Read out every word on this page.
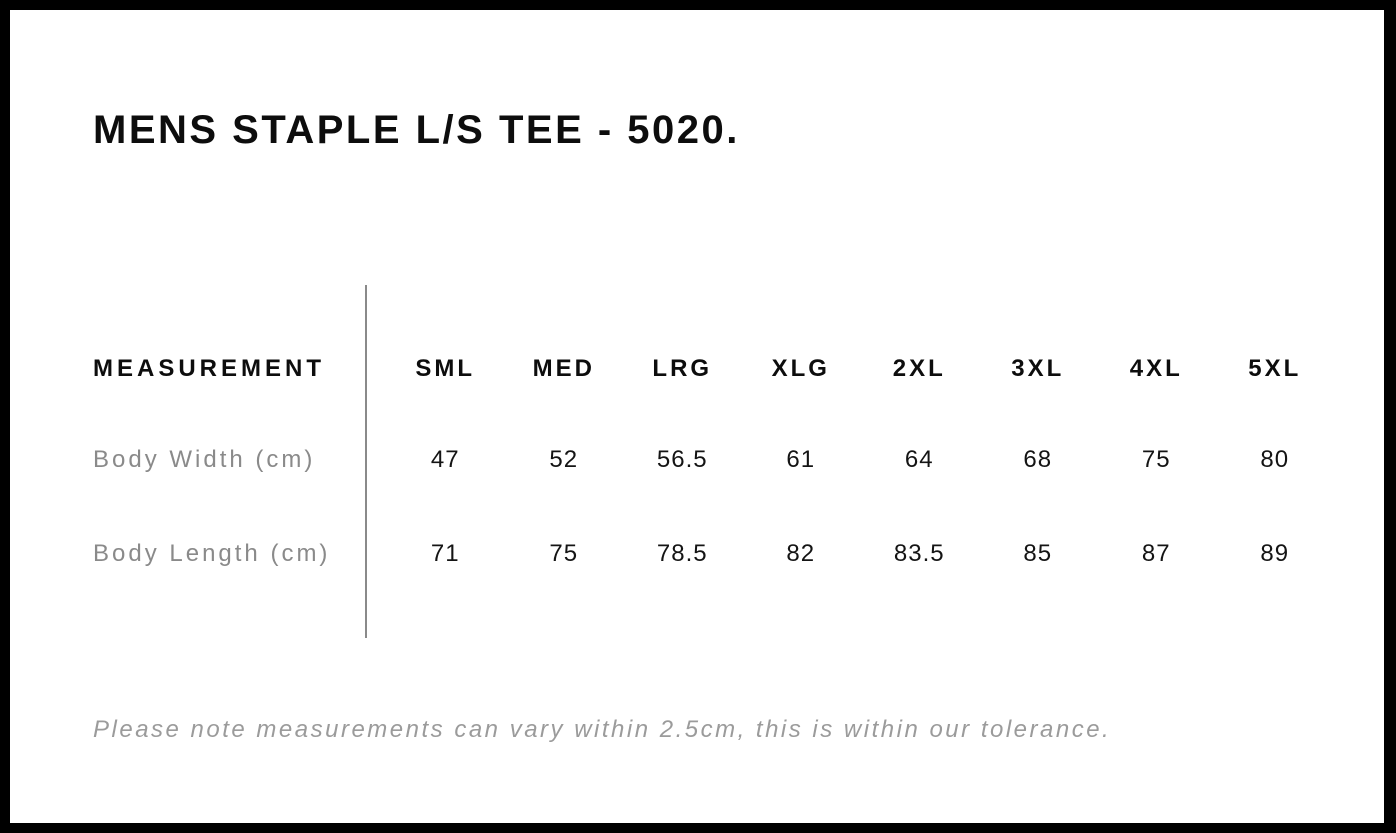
MENS STAPLE L/S TEE - 5020.
MEASUREMENT	SML	MED	LRG	XLG	2XL	3XL	4XL	5XL
Body Width (cm)	47	52	56.5	61	64	68	75	80
Body Length (cm)	71	75	78.5	82	83.5	85	87	89
Please note measurements can vary within 2.5cm, this is within our tolerance.
